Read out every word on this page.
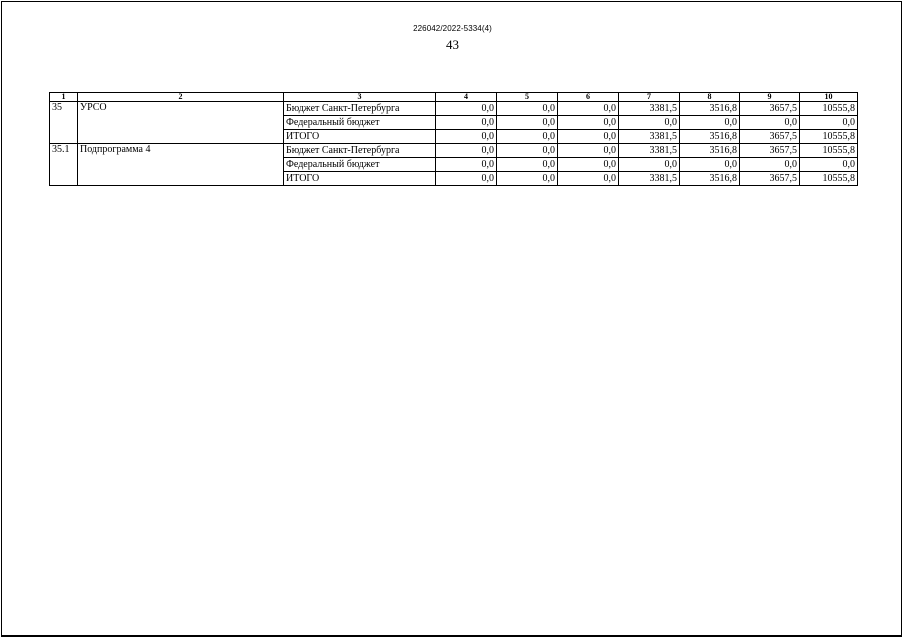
226042/2022-5334(4)
43
1	2	3	4	5	6	7	8	9	10
35	УРСО	Бюджет Санкт-Петербурга	0,0	0,0	0,0	3381,5	3516,8	3657,5	10555,8
		Федеральный бюджет	0,0	0,0	0,0	0,0	0,0	0,0	0,0
		ИТОГО	0,0	0,0	0,0	3381,5	3516,8	3657,5	10555,8
35.1	Подпрограмма 4	Бюджет Санкт-Петербурга	0,0	0,0	0,0	3381,5	3516,8	3657,5	10555,8
		Федеральный бюджет	0,0	0,0	0,0	0,0	0,0	0,0	0,0
		ИТОГО	0,0	0,0	0,0	3381,5	3516,8	3657,5	10555,8
